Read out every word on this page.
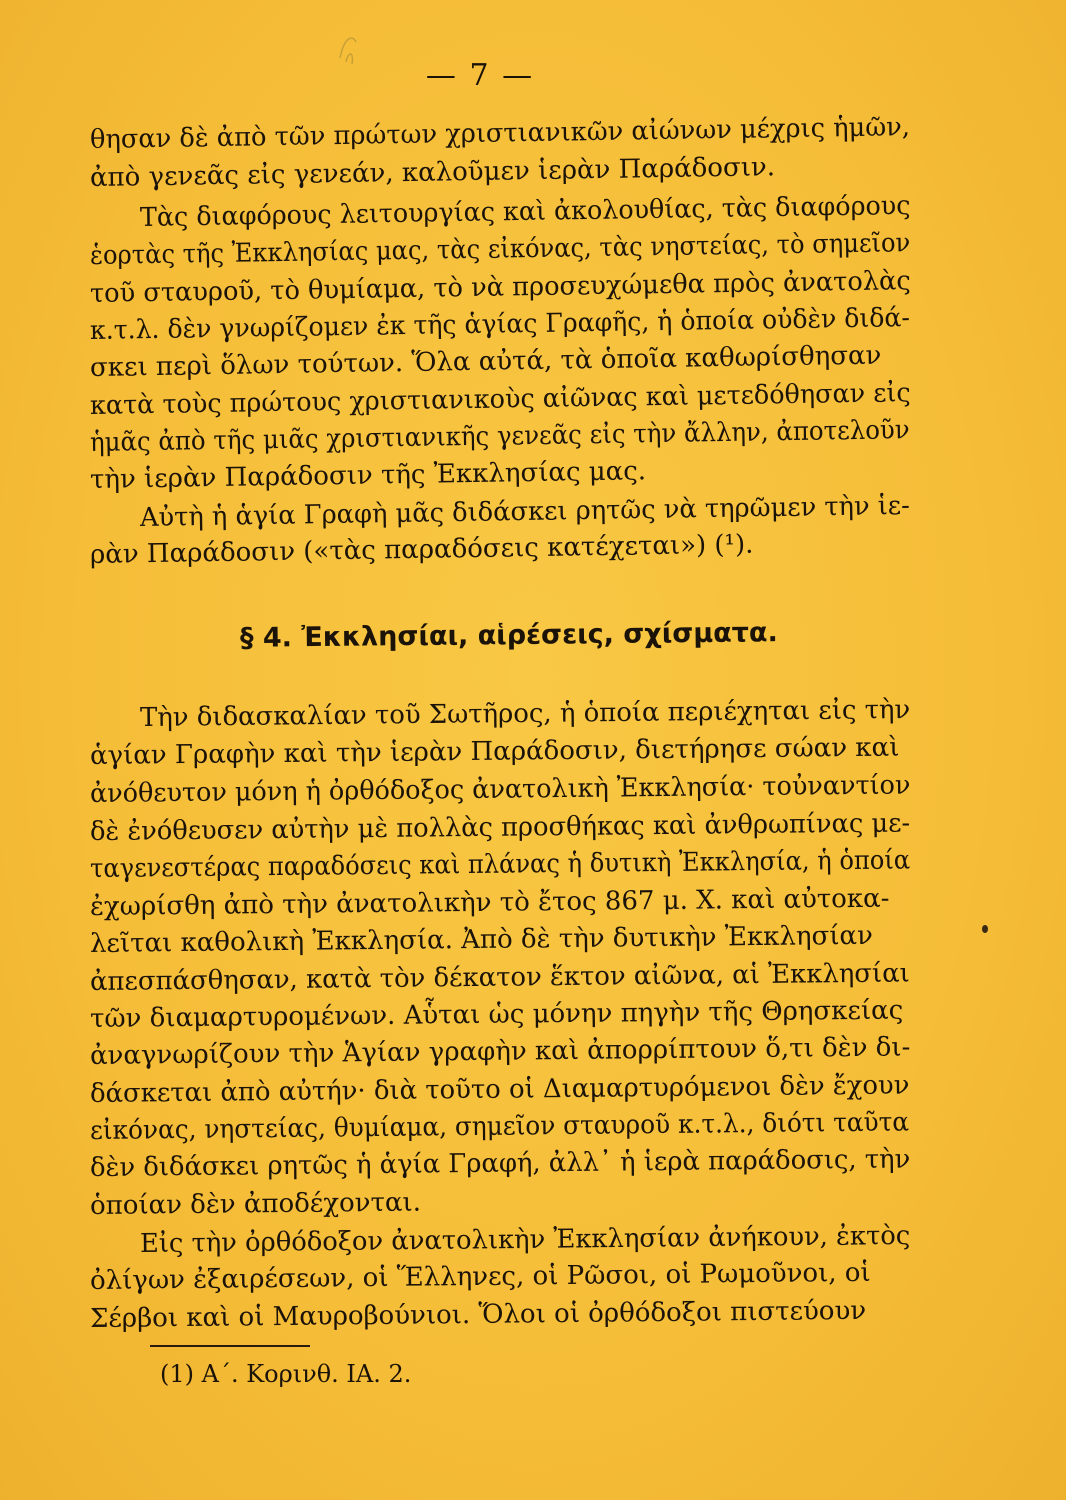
— 7 —
θησαν δὲ ἀπὸ τῶν πρώτων χριστιανικῶν αἰώνων μέχρις ἡμῶν,
ἀπὸ γενεᾶς εἰς γενεάν, καλοῦμεν ἱερὰν Παράδοσιν.
Τὰς διαφόρους λειτουργίας καὶ ἀκολουθίας, τὰς διαφόρους
ἑορτὰς τῆς Ἐκκλησίας μας, τὰς εἰκόνας, τὰς νηστείας, τὸ σημεῖον
τοῦ σταυροῦ, τὸ θυμίαμα, τὸ νὰ προσευχώμεθα πρὸς ἀνατολὰς
κ.τ.λ. δὲν γνωρίζομεν ἐκ τῆς ἁγίας Γραφῆς, ἡ ὁποία οὐδὲν διδά-
σκει περὶ ὅλων τούτων. Ὅλα αὐτά, τὰ ὁποῖα καθωρίσθησαν
κατὰ τοὺς πρώτους χριστιανικοὺς αἰῶνας καὶ μετεδόθησαν εἰς
ἡμᾶς ἀπὸ τῆς μιᾶς χριστιανικῆς γενεᾶς εἰς τὴν ἄλλην, ἀποτελοῦν
τὴν ἱερὰν Παράδοσιν τῆς Ἐκκλησίας μας.
Αὐτὴ ἡ ἁγία Γραφὴ μᾶς διδάσκει ρητῶς νὰ τηρῶμεν τὴν ἱε-
ρὰν Παράδοσιν («τὰς παραδόσεις κατέχεται») (¹).
§ 4. Ἐκκλησίαι, αἱρέσεις, σχίσματα.
Τὴν διδασκαλίαν τοῦ Σωτῆρος, ἡ ὁποία περιέχηται εἰς τὴν
ἁγίαν Γραφὴν καὶ τὴν ἱερὰν Παράδοσιν, διετήρησε σώαν καὶ
ἀνόθευτον μόνη ἡ ὀρθόδοξος ἀνατολικὴ Ἐκκλησία· τοὐναντίον
δὲ ἐνόθευσεν αὐτὴν μὲ πολλὰς προσθήκας καὶ ἀνθρωπίνας με-
ταγενεστέρας παραδόσεις καὶ πλάνας ἡ δυτικὴ Ἐκκλησία, ἡ ὁποία
ἐχωρίσθη ἀπὸ τὴν ἀνατολικὴν τὸ ἔτος 867 μ. Χ. καὶ αὐτοκα-
λεῖται καθολικὴ Ἐκκλησία. Ἀπὸ δὲ τὴν δυτικὴν Ἐκκλησίαν
ἀπεσπάσθησαν, κατὰ τὸν δέκατον ἕκτον αἰῶνα, αἱ Ἐκκλησίαι
τῶν διαμαρτυρομένων. Αὗται ὡς μόνην πηγὴν τῆς Θρησκείας
ἀναγνωρίζουν τὴν Ἁγίαν γραφὴν καὶ ἀπορρίπτουν ὅ,τι δὲν δι-
δάσκεται ἀπὸ αὐτήν· διὰ τοῦτο οἱ Διαμαρτυρόμενοι δὲν ἔχουν
εἰκόνας, νηστείας, θυμίαμα, σημεῖον σταυροῦ κ.τ.λ., διότι ταῦτα
δὲν διδάσκει ρητῶς ἡ ἁγία Γραφή, ἀλλ᾽ ἡ ἱερὰ παράδοσις, τὴν
ὁποίαν δὲν ἀποδέχονται.
Εἰς τὴν ὀρθόδοξον ἀνατολικὴν Ἐκκλησίαν ἀνήκουν, ἐκτὸς
ὀλίγων ἐξαιρέσεων, οἱ Ἕλληνες, οἱ Ρῶσοι, οἱ Ρωμοῦνοι, οἱ
Σέρβοι καὶ οἱ Μαυροβούνιοι. Ὅλοι οἱ ὀρθόδοξοι πιστεύουν
(1) Α΄. Κορινθ. ΙΑ. 2.
